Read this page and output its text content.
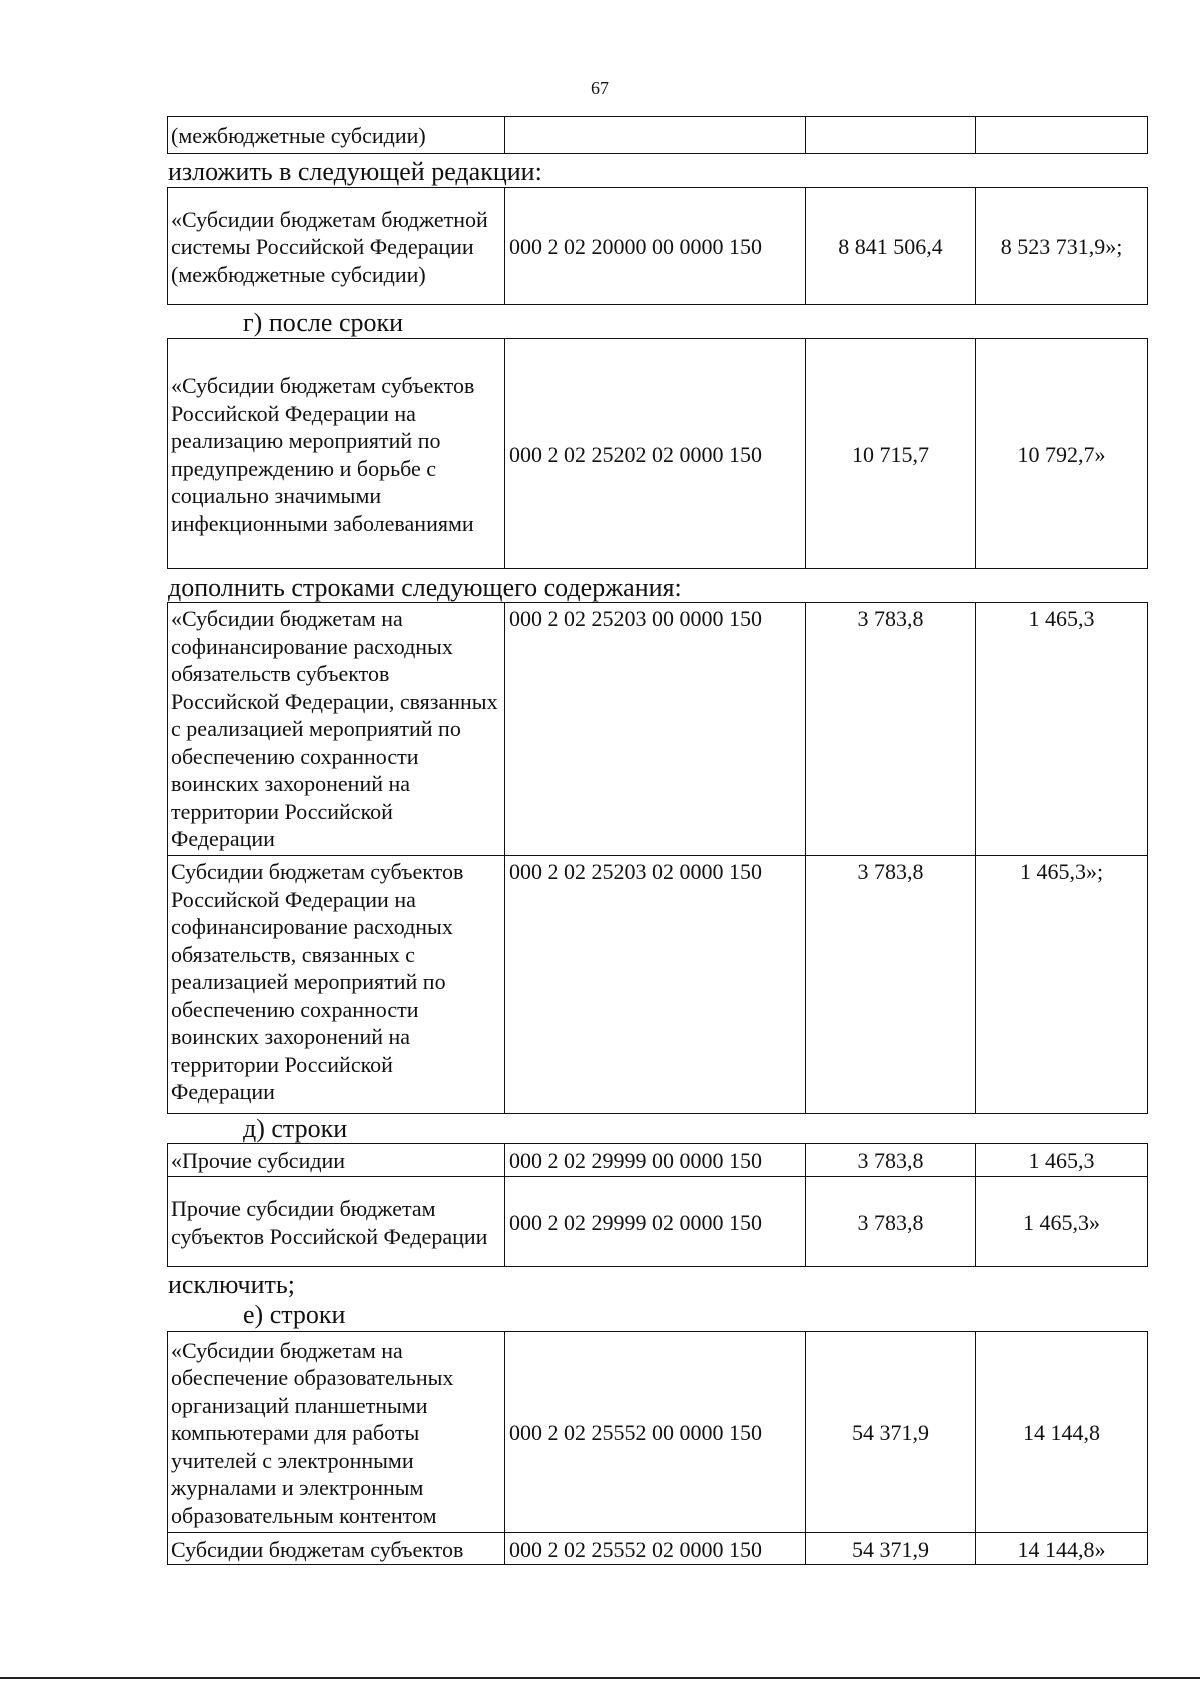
67
(межбюджетные субсидии)			
изложить в следующей редакции:
«Субсидии бюджетам бюджетной системы Российской Федерации (межбюджетные субсидии)	000 2 02 20000 00 0000 150	8 841 506,4	8 523 731,9»;
г) после сроки
«Субсидии бюджетам субъектов Российской Федерации на реализацию мероприятий по предупреждению и борьбе с социально значимыми инфекционными заболеваниями	000 2 02 25202 02 0000 150	10 715,7	10 792,7»
дополнить строками следующего содержания:
«Субсидии бюджетам на софинансирование расходных обязательств субъектов Российской Федерации, связанных с реализацией мероприятий по обеспечению сохранности воинских захоронений на территории Российской Федерации	000 2 02 25203 00 0000 150	3 783,8	1 465,3
Субсидии бюджетам субъектов Российской Федерации на софинансирование расходных обязательств, связанных с реализацией мероприятий по обеспечению сохранности воинских захоронений на территории Российской Федерации	000 2 02 25203 02 0000 150	3 783,8	1 465,3»;
д) строки
«Прочие субсидии	000 2 02 29999 00 0000 150	3 783,8	1 465,3
Прочие субсидии бюджетам субъектов Российской Федерации	000 2 02 29999 02 0000 150	3 783,8	1 465,3»
исключить;
е) строки
«Субсидии бюджетам на обеспечение образовательных организаций планшетными компьютерами для работы учителей с электронными журналами и электронным образовательным контентом	000 2 02 25552 00 0000 150	54 371,9	14 144,8
Субсидии бюджетам субъектов	000 2 02 25552 02 0000 150	54 371,9	14 144,8»
